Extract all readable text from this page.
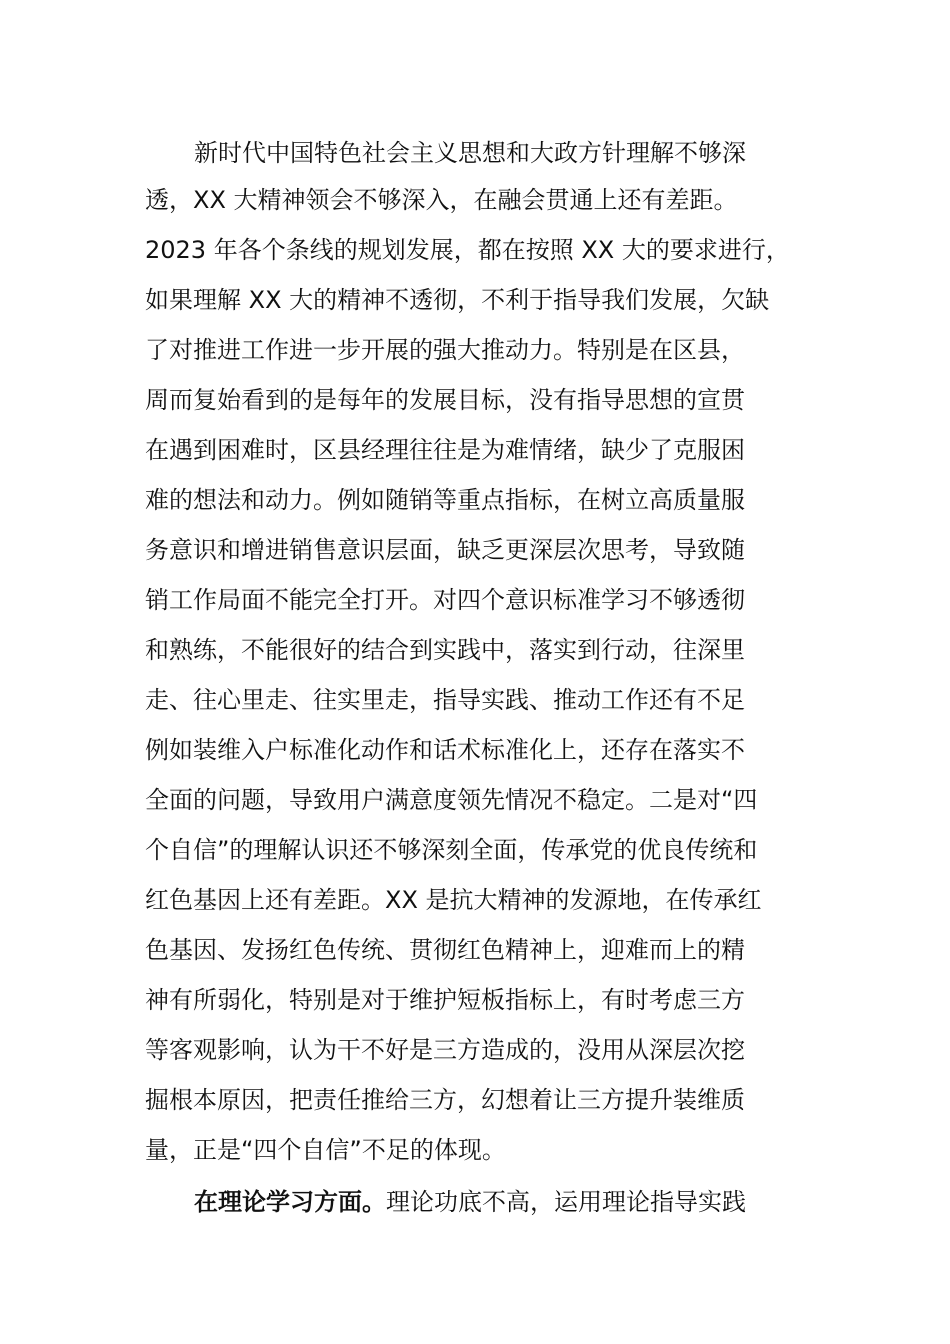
新时代中国特色社会主义思想和大政方针理解不够深
透，XX 大精神领会不够深入，在融会贯通上还有差距。
2023 年各个条线的规划发展，都在按照 XX 大的要求进行，
如果理解 XX 大的精神不透彻，不利于指导我们发展，欠缺
了对推进工作进一步开展的强大推动力。特别是在区县，
周而复始看到的是每年的发展目标，没有指导思想的宣贯
在遇到困难时，区县经理往往是为难情绪，缺少了克服困
难的想法和动力。例如随销等重点指标，在树立高质量服
务意识和增进销售意识层面，缺乏更深层次思考，导致随
销工作局面不能完全打开。对四个意识标准学习不够透彻
和熟练，不能很好的结合到实践中，落实到行动，往深里
走、往心里走、往实里走，指导实践、推动工作还有不足
例如装维入户标准化动作和话术标准化上，还存在落实不
全面的问题，导致用户满意度领先情况不稳定。二是对“四
个自信”的理解认识还不够深刻全面，传承党的优良传统和
红色基因上还有差距。XX 是抗大精神的发源地，在传承红
色基因、发扬红色传统、贯彻红色精神上，迎难而上的精
神有所弱化，特别是对于维护短板指标上，有时考虑三方
等客观影响，认为干不好是三方造成的，没用从深层次挖
掘根本原因，把责任推给三方，幻想着让三方提升装维质
量，正是“四个自信”不足的体现。
在理论学习方面。理论功底不高，运用理论指导实践
